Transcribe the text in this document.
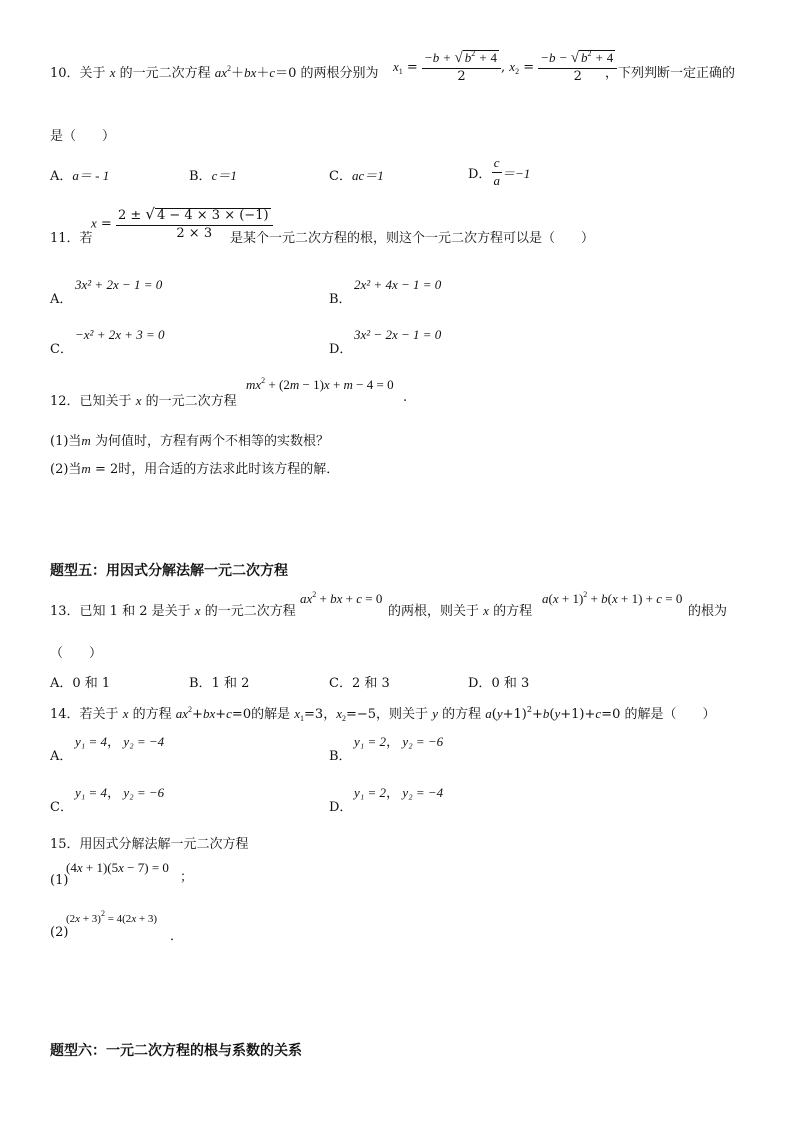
10．关于 x 的一元二次方程 $ax^2+bx+c=0$ 的两根分别为 $x_1 = \frac{-b + √ b^2 + 4}{2}$ , $x_2 = \frac{-b - √ b^2 + 4}{2}$
，下列判断一定正确的
是（　　）
A．a＝ - 1	B．c＝1	C．ac＝1	D． $\frac{c}{a} =-1$
11．若
$x = \frac{2 \pm √ 4 - 4 \times 3 \times (-1)}{2 \times 3}$
是某个一元二次方程的根，则这个一元二次方程可以是（　　）
A．
3x² + 2x − 1 = 0
B．
2x² + 4x − 1 = 0
C．
−x² + 2x + 3 = 0
D．
3x² − 2x − 1 = 0
12．已知关于 x 的一元二次方程
$mx^2 + (2m - 1)x + m - 4 = 0$
.
(1)当m 为何值时，方程有两个不相等的实数根？
(2)当m = 2时，用合适的方法求此时该方程的解．
题型五：用因式分解法解一元二次方程
13．已知 1 和 2 是关于 x 的一元二次方程
$ax^2$ + bx + c = 0
的两根，则关于 x 的方程
$a(x + 1)^2 + b(x + 1) + c = 0$
的根为
（　　）
A．0 和 1	B．1 和 2	C．2 和 3	D．0 和 3
14．若关于 x 的方程 $ax^2+bx+c=0$的解是 $x_1=3$，$x_2=-5$，则关于 y 的方程 $a(y+1)^2+b(y+1)+c=0$ 的解是（　　）
A．
y₁ = 4， y₂ = −4
B．
y₁ = 2， y₂ = −6
C．
y₁ = 4， y₂ = −6
D．
y₁ = 2， y₂ = −4
15．用因式分解法解一元二次方程
(1)
(4x + 1)(5x − 7) = 0
；
(2)
$(2x + 3)^2 = 4(2x + 3)$
．
题型六：一元二次方程的根与系数的关系
